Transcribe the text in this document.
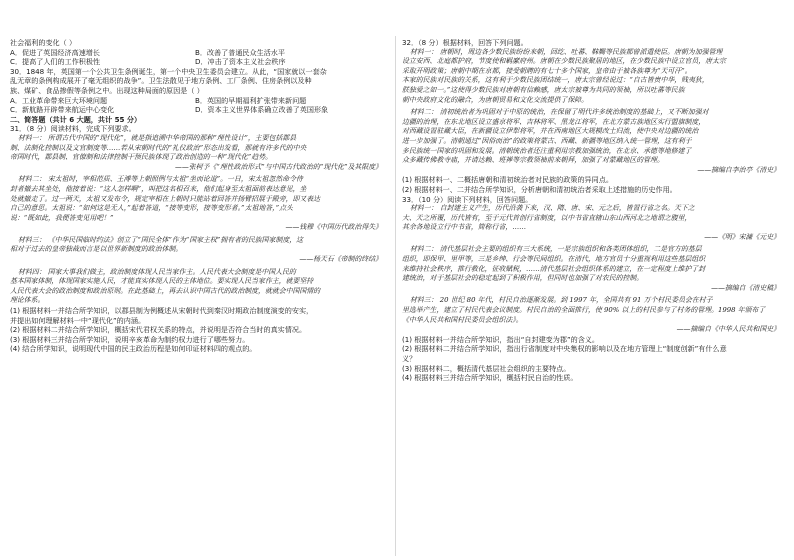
社会福利的变化（ ）
A．促进了英国经济高速增长	B．改善了普通民众生活水平
C．提高了人们的工作积极性	D．冲击了资本主义社会秩序
30．1848 年，英国第一个公共卫生条例诞生，第一个中央卫生委员会建立。从此，“国家就以一套杂
乱无章的条例构成展开了毫无组织的战争”。卫生法散见于地方条例、工厂条例、住房条例以及种
族、煤矿、食品掺假等条例之中。出现这种局面的原因是（ ）
A．工业革命带来巨大环境问题	B．英国的早期福利扩张带来新问题
C．新航路开辟带来航运中心变化	D．资本主义世界体系确立改善了英国形象
二、简答题（共计 6 大题，共计 55 分）
31．（8 分）阅读材料，完成下列要求。
材料一： 所谓古代中国的“现代化”，就是指追溯中华帝国的那种“理性设计”，主要包括郡县
制、法制化控制以及文官制度等……若从宋朝时代的“礼仪政治”形态出发看，那就有许多代的中央
帝国时代，郡县制、官僚制和法律控制干预民族体现了政治创造的一种“现代化”趋势。
——张柯予《“理性政治形式”与中国古代政治的“现代化”及其限度》
材料二： 宋太祖时，宰相范质、王溥等上朝照例与太祖“坐而论道”。一日，宋太祖忽然命令侍
封者撤去其坐处，他接着说：“这人怎样啊”，叫把这名相召来，他们起身至太祖面前表达意见，坐
处就撤走了。过一两天，太祖又发布令，规定宰相在上朝时只能站着回答并扬臂招展于殿旁，即又表达
自己的意思。太祖说：“如何这是无人，”起着答道，“接等变形，接等变形者。”太祖地答，”点头
说：“既如此，我便答变见用吧！”
——钱穆《中国历代政治得失》
材料三： 《中华民国临时约法》创立了“国民全体”作为“国家主权”拥有者的民族国家制度，这
相对于过去的皇帝独裁而言是以世界新制度的政治体制。
——杨天石《帝制的终结》
材料四： 国家大事我们做主，政治制度体现人民当家作主。人民代表大会制度是中国人民的
基本国家体制，体现国家实施人民，才能真实体现人民的主体地位。要实现人民当家作主，就要坚持
人民代表大会的政治制度和政治原则。在此基础上，再去认识中国古代的政治制度，就就会中国国情的
理论体系。
(1) 根据材料一并结合所学知识，以郡县制为例概述从宋朝时代到秦汉时期政治制度演变的安实，
并提出如何理解材料一中“现代化”的内涵。
(2) 根据材料二并结合所学知识，概括宋代君权关系的特点，并说明是否符合当时的真实情况。
(3) 根据材料三并结合所学知识，说明辛亥革命为制约权力进行了哪些努力。
(4) 结合所学知识，说明现代中国的民主政治历程是如何印证材料四的观点的。
32．（8 分）根据材料，回答下列问题。
材料一： 唐朝时，周边各少数民族纷纷来朝，回纥、吐蕃、靺鞨等民族都曾派遣使臣。唐朝为加强管理
设立安西、北庭都护府，节度使和羁縻府州。唐朝在少数民族聚居的地区，在少数民族中设立官员，唐太宗
采取开明政策；唐朝中期在京都，接受朝聘的有七十多个国家，皇帝由于被各族尊为“天可汗”。
本家的民族对民族的关系，这有利于少数民族团结统一，唐太宗曾经说过：“自古皆贵中华，贱夷狄，
朕独爱之如一。”这使得少数民族对唐朝有信赖感，唐太宗被尊为共同的领袖，所以吐蕃等民族
朝中央政府文化的融合，为唐朝贸易和文化交流提供了保障。
材料二： 清初统治者为巩固对于中原的统治，在保留了明代许多统治制度的基础上，又不断加强对
边疆的治理，在东北地区设立盛京将军、吉林将军、黑龙江将军，在北方蒙古族地区实行盟旗制度，
对西藏设置驻藏大臣，在新疆设立伊犁将军，并在西南地区大规模改土归流，使中央对边疆的统治
进一步加强了。清朝通过“因俗而治”的政策将蒙古、西藏、新疆等地区纳入统一管理，这有利于
多民族统一国家的巩固和发展。清朝统治者还注重利用宗教加强统治，在北京、承德等地修建了
众多藏传佛教寺庙，并请达赖、班禅等宗教领袖前来朝拜，加强了对蒙藏地区的管理。
——摘编自李治亭《清史》
(1) 根据材料一、二概括唐朝和清初统治者对民族的政策的异同点。
(2) 根据材料一、二并结合所学知识，分析唐朝和清初统治者采取上述措施的历史作用。
33．（10 分）阅读下列材料，回答问题。
材料一： 自封建主义产生，历代沿袭下来，汉、隋、唐、宋、元之后，皆置行省之名。天下之
大、天之所覆，历代皆有，至于元代首创行省制度，以中书省直辖山东山西河北之地谓之腹里，
其余各地设立行中书省，简称行省，……
——《明》宋濂《元史》
材料二： 清代基层社会主要的组织有三大系统，一是宗族组织和各类团体组织，二是官方的基层
组织，即保甲、里甲等，三是乡绅、行会等民间组织。在清代，地方官员十分重视利用这些基层组织
来维持社会秩序，推行教化，征收赋税，……清代基层社会组织体系的建立，在一定程度上维护了封
建统治，对于基层社会的稳定起到了积极作用，但同时也加强了对农民的控制。
——摘编自《清史稿》
材料三： 20 世纪 80 年代，村民自治逐渐发展。到 1997 年，全国共有 91 万个村民委员会在村子
里选举产生，建立了村民代表会议制度。村民自治的全面推行，使 90% 以上的村民参与了村务的管理。1998 年颁布了
《中华人民共和国村民委员会组织法》。
——摘编自《中华人民共和国史》
(1) 根据材料一并结合所学知识，指出“自封建变为郡”的含义。
(2) 根据材料二并结合所学知识，指出行省制度对中央集权的影响以及在地方管理上“制度创新”有什么意
义？
(3) 根据材料二，概括清代基层社会组织的主要特点。
(4) 根据材料三并结合所学知识，概括村民自治的性质。
